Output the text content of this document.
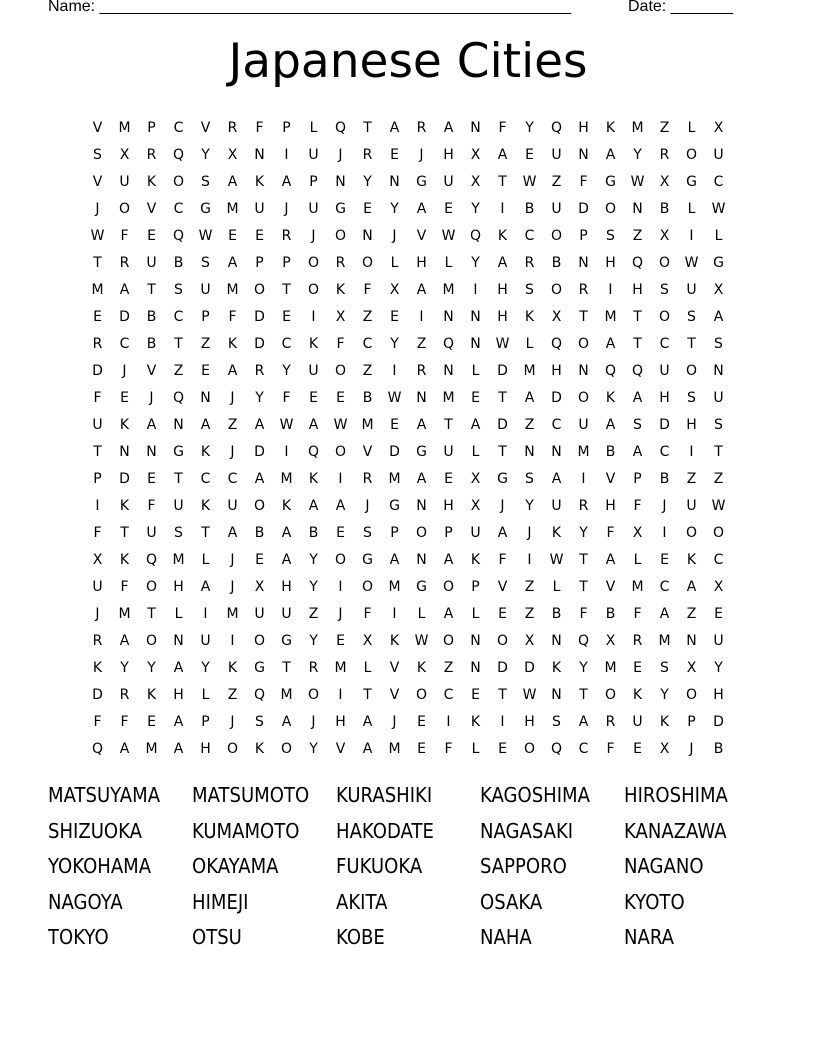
Name: _____________________________________________________	Date: _______
Japanese Cities
V	M	P	C	V	R	F	P	L	Q	T	A	R	A	N	F	Y	Q	H	K	M	Z	L	X
S	X	R	Q	Y	X	N	I	U	J	R	E	J	H	X	A	E	U	N	A	Y	R	O	U
V	U	K	O	S	A	K	A	P	N	Y	N	G	U	X	T	W	Z	F	G	W	X	G	C
J	O	V	C	G	M	U	J	U	G	E	Y	A	E	Y	I	B	U	D	O	N	B	L	W
W	F	E	Q	W	E	E	R	J	O	N	J	V	W	Q	K	C	O	P	S	Z	X	I	L
T	R	U	B	S	A	P	P	O	R	O	L	H	L	Y	A	R	B	N	H	Q	O	W	G
M	A	T	S	U	M	O	T	O	K	F	X	A	M	I	H	S	O	R	I	H	S	U	X
E	D	B	C	P	F	D	E	I	X	Z	E	I	N	N	H	K	X	T	M	T	O	S	A
R	C	B	T	Z	K	D	C	K	F	C	Y	Z	Q	N	W	L	Q	O	A	T	C	T	S
D	J	V	Z	E	A	R	Y	U	O	Z	I	R	N	L	D	M	H	N	Q	Q	U	O	N
F	E	J	Q	N	J	Y	F	E	E	B	W	N	M	E	T	A	D	O	K	A	H	S	U
U	K	A	N	A	Z	A	W	A	W	M	E	A	T	A	D	Z	C	U	A	S	D	H	S
T	N	N	G	K	J	D	I	Q	O	V	D	G	U	L	T	N	N	M	B	A	C	I	T
P	D	E	T	C	C	A	M	K	I	R	M	A	E	X	G	S	A	I	V	P	B	Z	Z
I	K	F	U	K	U	O	K	A	A	J	G	N	H	X	J	Y	U	R	H	F	J	U	W
F	T	U	S	T	A	B	A	B	E	S	P	O	P	U	A	J	K	Y	F	X	I	O	O
X	K	Q	M	L	J	E	A	Y	O	G	A	N	A	K	F	I	W	T	A	L	E	K	C
U	F	O	H	A	J	X	H	Y	I	O	M	G	O	P	V	Z	L	T	V	M	C	A	X
J	M	T	L	I	M	U	U	Z	J	F	I	L	A	L	E	Z	B	F	B	F	A	Z	E
R	A	O	N	U	I	O	G	Y	E	X	K	W	O	N	O	X	N	Q	X	R	M	N	U
K	Y	Y	A	Y	K	G	T	R	M	L	V	K	Z	N	D	D	K	Y	M	E	S	X	Y
D	R	K	H	L	Z	Q	M	O	I	T	V	O	C	E	T	W	N	T	O	K	Y	O	H
F	F	E	A	P	J	S	A	J	H	A	J	E	I	K	I	H	S	A	R	U	K	P	D
Q	A	M	A	H	O	K	O	Y	V	A	M	E	F	L	E	O	Q	C	F	E	X	J	B
MATSUYAMA	MATSUMOTO	KURASHIKI	KAGOSHIMA	HIROSHIMA
SHIZUOKA	KUMAMOTO	HAKODATE	NAGASAKI	KANAZAWA
YOKOHAMA	OKAYAMA	FUKUOKA	SAPPORO	NAGANO
NAGOYA	HIMEJI	AKITA	OSAKA	KYOTO
TOKYO	OTSU	KOBE	NAHA	NARA
